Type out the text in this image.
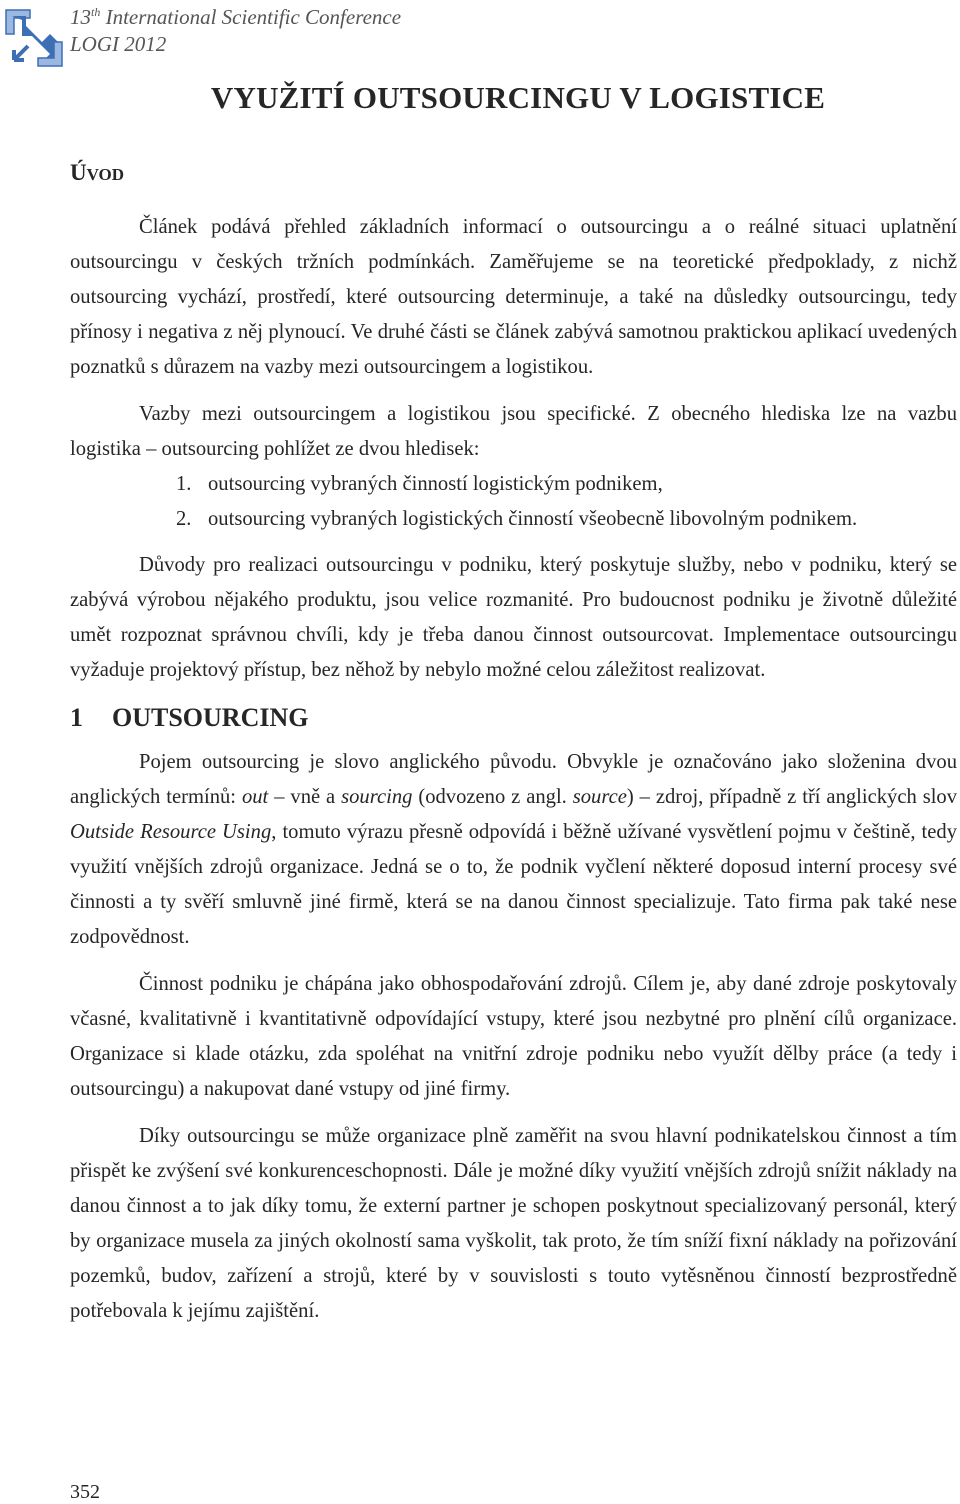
13th International Scientific Conference
LOGI 2012
VYUŽITÍ OUTSOURCINGU V LOGISTICE
ÚVOD

Článek podává přehled základních informací o outsourcingu a o reálné situaci uplatnění outsourcingu v českých tržních podmínkách. Zaměřujeme se na teoretické předpoklady, z nichž outsourcing vychází, prostředí, které outsourcing determinuje, a také na důsledky outsourcingu, tedy přínosy i negativa z něj plynoucí. Ve druhé části se článek zabývá samotnou praktickou aplikací uvedených poznatků s důrazem na vazby mezi outsourcingem a logistikou.

Vazby mezi outsourcingem a logistikou jsou specifické. Z obecného hlediska lze na vazbu logistika – outsourcing pohlížet ze dvou hledisek:

1. outsourcing vybraných činností logistickým podnikem,
2. outsourcing vybraných logistických činností všeobecně libovolným podnikem.

Důvody pro realizaci outsourcingu v podniku, který poskytuje služby, nebo v podniku, který se zabývá výrobou nějakého produktu, jsou velice rozmanité. Pro budoucnost podniku je životně důležité umět rozpoznat správnou chvíli, kdy je třeba danou činnost outsourcovat. Implementace outsourcingu vyžaduje projektový přístup, bez něhož by nebylo možné celou záležitost realizovat.

1 OUTSOURCING

Pojem outsourcing je slovo anglického původu. Obvykle je označováno jako složenina dvou anglických termínů: out – vně a sourcing (odvozeno z angl. source) – zdroj, případně z tří anglických slov Outside Resource Using, tomuto výrazu přesně odpovídá i běžně užívané vysvětlení pojmu v češtině, tedy využití vnějších zdrojů organizace. Jedná se o to, že podnik vyčlení některé doposud interní procesy své činnosti a ty svěří smluvně jiné firmě, která se na danou činnost specializuje. Tato firma pak také nese zodpovědnost.

Činnost podniku je chápána jako obhospodařování zdrojů. Cílem je, aby dané zdroje poskytovaly včasné, kvalitativně i kvantitativně odpovídající vstupy, které jsou nezbytné pro plnění cílů organizace. Organizace si klade otázku, zda spoléhat na vnitřní zdroje podniku nebo využít dělby práce (a tedy i outsourcingu) a nakupovat dané vstupy od jiné firmy.

Díky outsourcingu se může organizace plně zaměřit na svou hlavní podnikatelskou činnost a tím přispět ke zvýšení své konkurenceschopnosti. Dále je možné díky využití vnějších zdrojů snížit náklady na danou činnost a to jak díky tomu, že externí partner je schopen poskytnout specializovaný personál, který by organizace musela za jiných okolností sama vyškolit, tak proto, že tím sníží fixní náklady na pořizování pozemků, budov, zařízení a strojů, které by v souvislosti s touto vytěsněnou činností bezprostředně potřebovala k jejímu zajištění.

352
